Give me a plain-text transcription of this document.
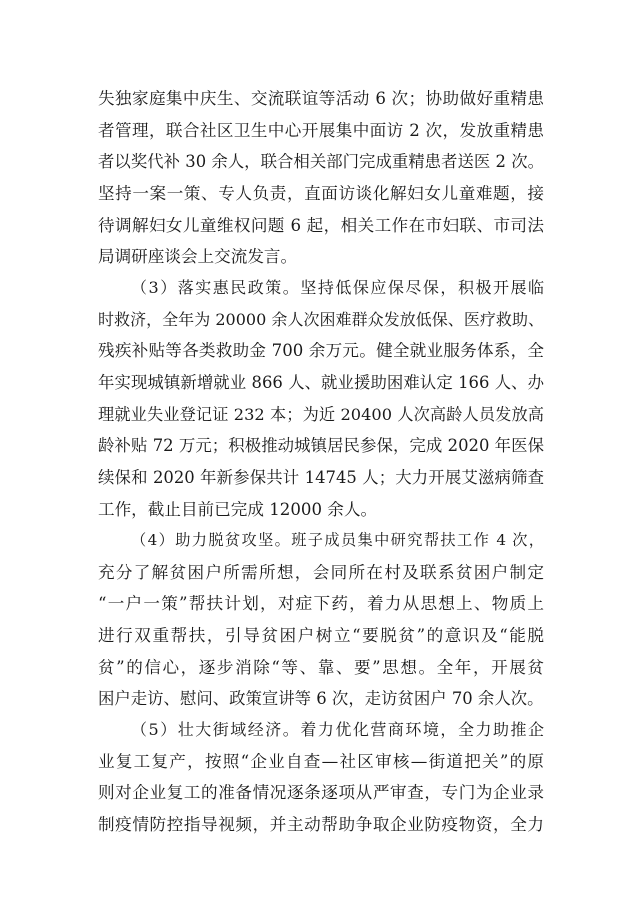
失独家庭集中庆生、交流联谊等活动 6 次；协助做好重精患
者管理，联合社区卫生中心开展集中面访 2 次，发放重精患
者以奖代补 30 余人，联合相关部门完成重精患者送医 2 次。
坚持一案一策、专人负责，直面访谈化解妇女儿童难题，接
待调解妇女儿童维权问题 6 起，相关工作在市妇联、市司法
局调研座谈会上交流发言。
（3）落实惠民政策。坚持低保应保尽保，积极开展临
时救济，全年为 20000 余人次困难群众发放低保、医疗救助、
残疾补贴等各类救助金 700 余万元。健全就业服务体系，全
年实现城镇新增就业 866 人、就业援助困难认定 166 人、办
理就业失业登记证 232 本；为近 20400 人次高龄人员发放高
龄补贴 72 万元；积极推动城镇居民参保，完成 2020 年医保
续保和 2020 年新参保共计 14745 人；大力开展艾滋病筛查
工作，截止目前已完成 12000 余人。
（4）助力脱贫攻坚。班子成员集中研究帮扶工作 4 次，
充分了解贫困户所需所想，会同所在村及联系贫困户制定
“一户一策”帮扶计划，对症下药，着力从思想上、物质上
进行双重帮扶，引导贫困户树立“要脱贫”的意识及“能脱
贫”的信心，逐步消除“等、靠、要”思想。全年，开展贫
困户走访、慰问、政策宣讲等 6 次，走访贫困户 70 余人次。
（5）壮大街域经济。着力优化营商环境，全力助推企
业复工复产，按照“企业自查—社区审核—街道把关”的原
则对企业复工的准备情况逐条逐项从严审查，专门为企业录
制疫情防控指导视频，并主动帮助争取企业防疫物资，全力
